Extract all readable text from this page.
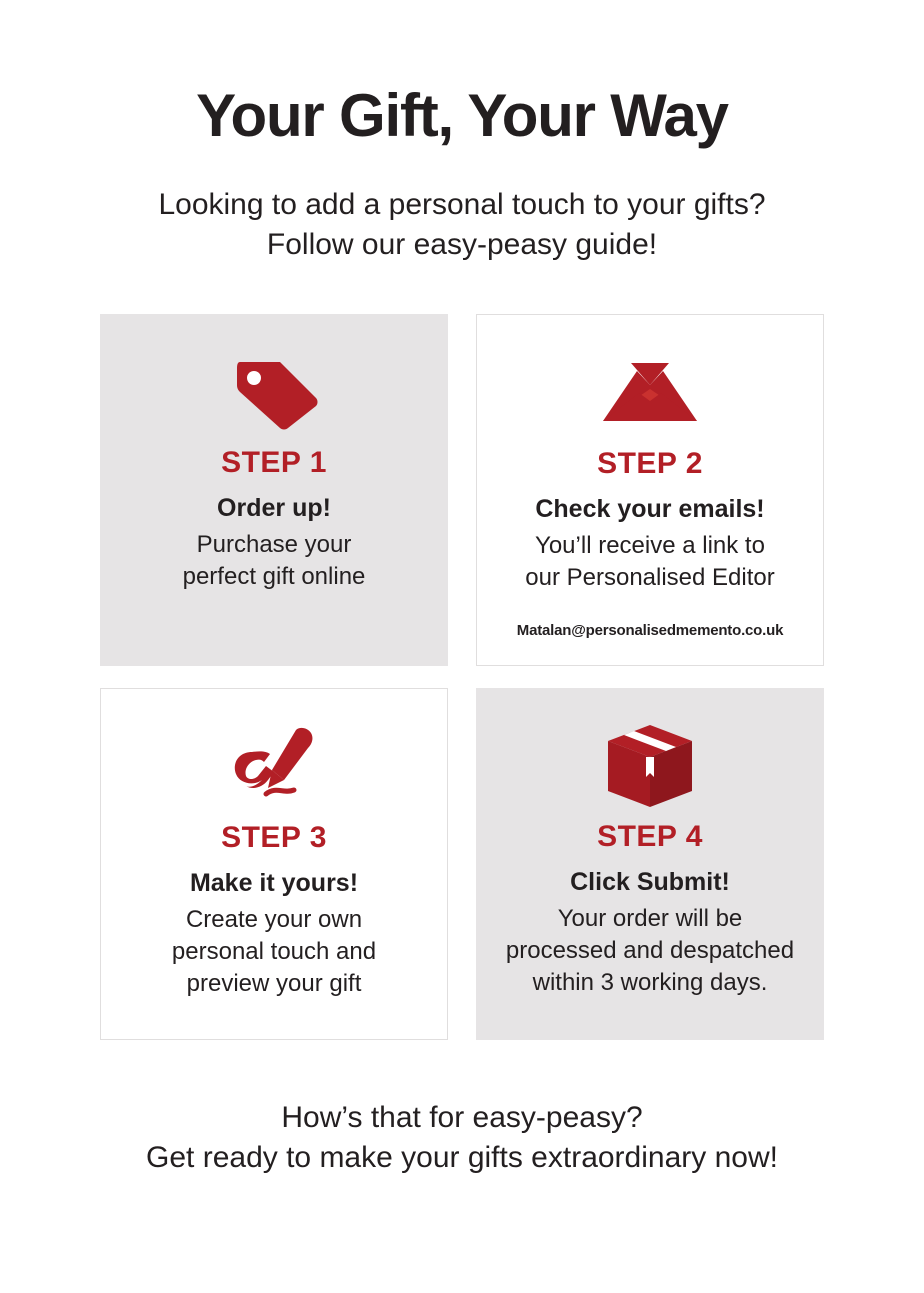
Your Gift, Your Way
Looking to add a personal touch to your gifts?
Follow our easy-peasy guide!
STEP 1
Order up!
Purchase your
perfect gift online
STEP 2
Check your emails!
You’ll receive a link to
our Personalised Editor
Matalan@personalisedmemento.co.uk
STEP 3
Make it yours!
Create your own
personal touch and
preview your gift
STEP 4
Click Submit!
Your order will be
processed and despatched
within 3 working days.
How’s that for easy-peasy?
Get ready to make your gifts extraordinary now!
